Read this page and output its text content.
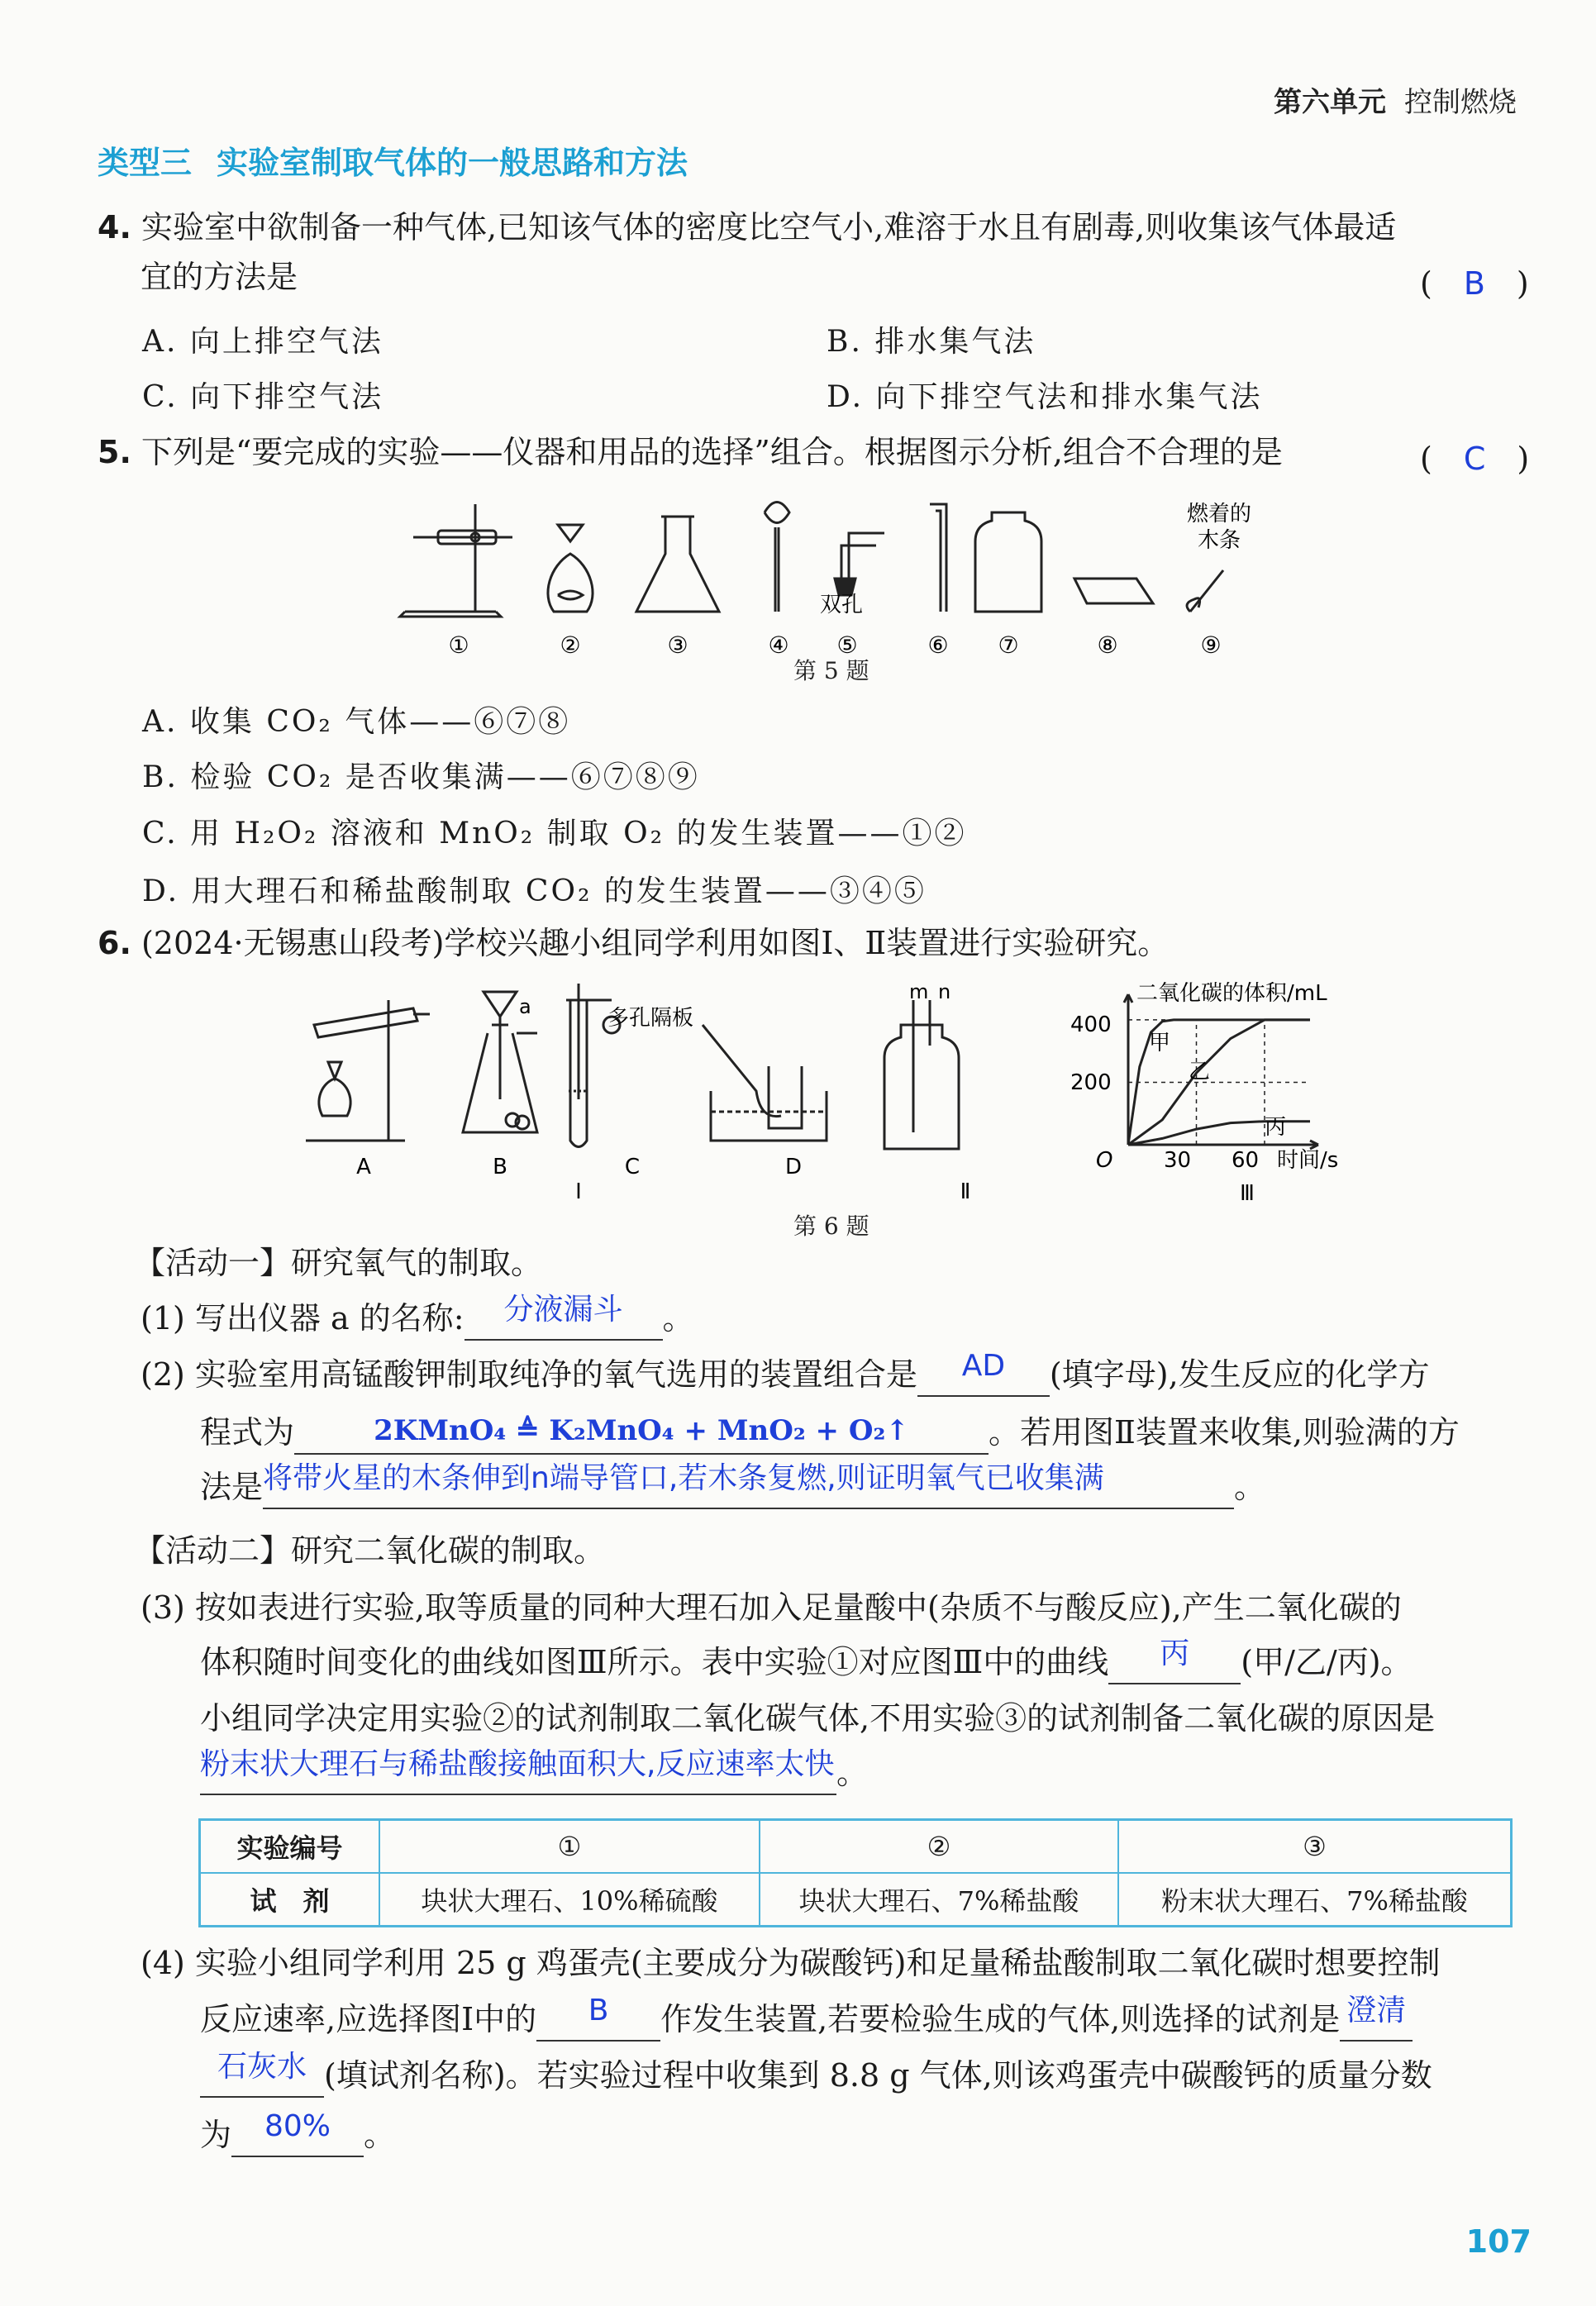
第六单元 控制燃烧
类型三 实验室制取气体的一般思路和方法
4. 实验室中欲制备一种气体,已知该气体的密度比空气小,难溶于水且有剧毒,则收集该气体最适
宜的方法是	(　B　)
A. 向上排空气法	B. 排水集气法
C. 向下排空气法	D. 向下排空气法和排水集气法
5. 下列是“要完成的实验——仪器和用品的选择”组合。根据图示分析,组合不合理的是	(　C　)
燃着的
木条
双孔
①	②	③	④ ⑤	⑥ ⑦	⑧	⑨
第 5 题
A. 收集 CO₂ 气体——⑥⑦⑧
B. 检验 CO₂ 是否收集满——⑥⑦⑧⑨
C. 用 H₂O₂ 溶液和 MnO₂ 制取 O₂ 的发生装置——①②
D. 用大理石和稀盐酸制取 CO₂ 的发生装置——③④⑤
6. (2024·无锡惠山段考)学校兴趣小组同学利用如图Ⅰ、Ⅱ装置进行实验研究。
a	多孔隔板
m n
A	B	C	D
Ⅰ	Ⅱ
二氧化碳的体积/mL
时间/s
O
400
200
30 60
甲
乙
丙
Ⅲ
第 6 题
【活动一】研究氧气的制取。
(1) 写出仪器 a 的名称: 分液漏斗 。
(2) 实验室用高锰酸钾制取纯净的氧气选用的装置组合是 AD (填字母),发生反应的化学方
程式为	2KMnO₄ ≜ K₂MnO₄ + MnO₂ + O₂↑	。若用图Ⅱ装置来收集,则验满的方
法是将带火星的木条伸到n端导管口,若木条复燃,则证明氧气已收集满	。
【活动二】研究二氧化碳的制取。
(3) 按如表进行实验,取等质量的同种大理石加入足量酸中(杂质不与酸反应),产生二氧化碳的
体积随时间变化的曲线如图Ⅲ所示。表中实验①对应图Ⅲ中的曲线 丙 (甲/乙/丙)。
小组同学决定用实验②的试剂制取二氧化碳气体,不用实验③的试剂制备二氧化碳的原因是
粉末状大理石与稀盐酸接触面积大,反应速率太快。
实验编号	①	②	③
试　剂	块状大理石、10%稀硫酸	块状大理石、7%稀盐酸	粉末状大理石、7%稀盐酸
(4) 实验小组同学利用 25 g 鸡蛋壳(主要成分为碳酸钙)和足量稀盐酸制取二氧化碳时想要控制
反应速率,应选择图Ⅰ中的 B 作发生装置,若要检验生成的气体,则选择的试剂是 澄清
石灰水 (填试剂名称)。若实验过程中收集到 8.8 g 气体,则该鸡蛋壳中碳酸钙的质量分数
为 80% 。
107
